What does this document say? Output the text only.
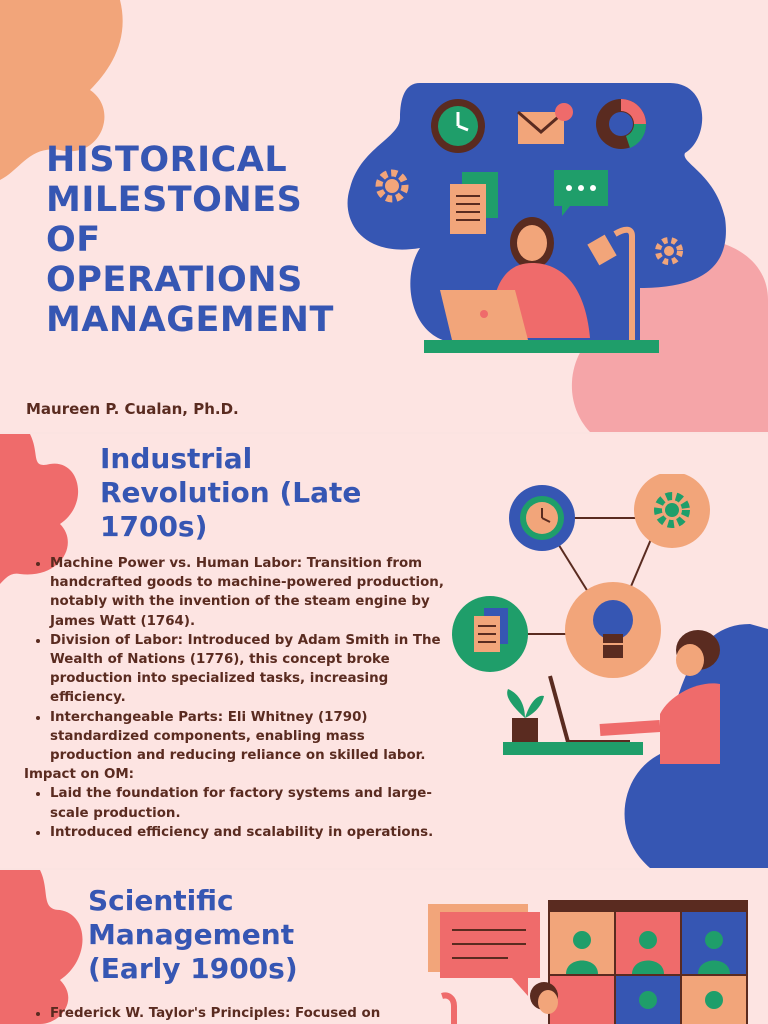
HISTORICAL
MILESTONES
OF
OPERATIONS
MANAGEMENT
Maureen P. Cualan, Ph.D.
Industrial
Revolution (Late
1700s)
• Machine Power vs. Human Labor: Transition from handcrafted goods to machine-powered production, notably with the invention of the steam engine by James Watt (1764).
• Division of Labor: Introduced by Adam Smith in The Wealth of Nations (1776), this concept broke production into specialized tasks, increasing efficiency.
• Interchangeable Parts: Eli Whitney (1790) standardized components, enabling mass production and reducing reliance on skilled labor.
Impact on OM:
• Laid the foundation for factory systems and large-scale production.
• Introduced efficiency and scalability in operations.
Scientific
Management
(Early 1900s)
• Frederick W. Taylor's Principles: Focused on
